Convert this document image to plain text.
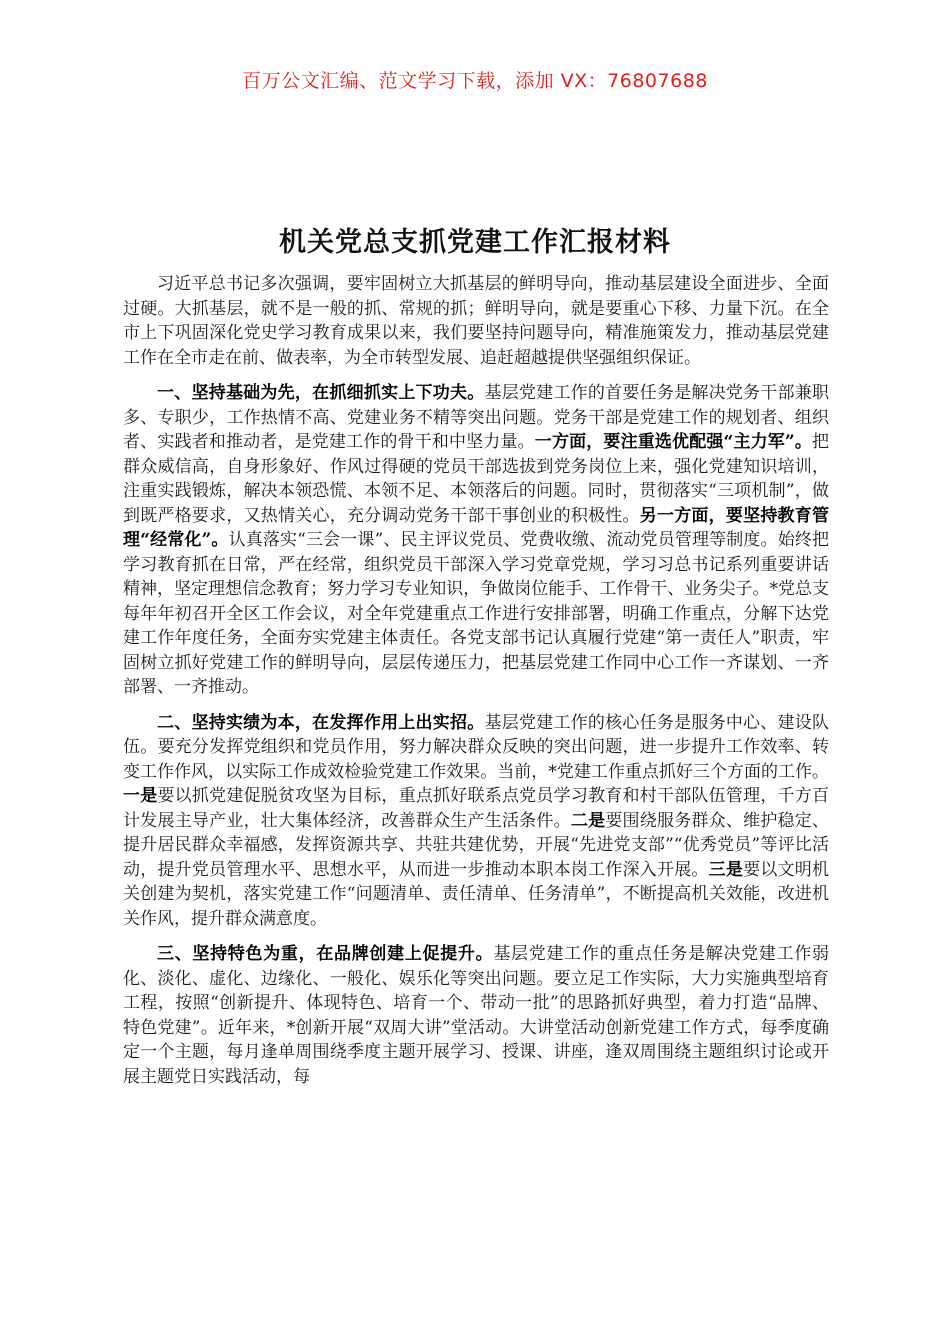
百万公文汇编、范文学习下载，添加 VX：76807688
机关党总支抓党建工作汇报材料

习近平总书记多次强调，要牢固树立大抓基层的鲜明导向，推动基层建设全面进步、全面过硬。大抓基层，就不是一般的抓、常规的抓；鲜明导向，就是要重心下移、力量下沉。在全市上下巩固深化党史学习教育成果以来，我们要坚持问题导向，精准施策发力，推动基层党建工作在全市走在前、做表率，为全市转型发展、追赶超越提供坚强组织保证。

一、坚持基础为先，在抓细抓实上下功夫。基层党建工作的首要任务是解决党务干部兼职多、专职少，工作热情不高、党建业务不精等突出问题。党务干部是党建工作的规划者、组织者、实践者和推动者，是党建工作的骨干和中坚力量。一方面，要注重选优配强“主力军”。把群众威信高，自身形象好、作风过得硬的党员干部选拔到党务岗位上来，强化党建知识培训，注重实践锻炼，解决本领恐慌、本领不足、本领落后的问题。同时，贯彻落实“三项机制”，做到既严格要求，又热情关心，充分调动党务干部干事创业的积极性。另一方面，要坚持教育管理“经常化”。认真落实“三会一课”、民主评议党员、党费收缴、流动党员管理等制度。始终把学习教育抓在日常，严在经常，组织党员干部深入学习党章党规，学习习总书记系列重要讲话精神，坚定理想信念教育；努力学习专业知识，争做岗位能手、工作骨干、业务尖子。*党总支每年年初召开全区工作会议，对全年党建重点工作进行安排部署，明确工作重点，分解下达党建工作年度任务，全面夯实党建主体责任。各党支部书记认真履行党建“第一责任人”职责，牢固树立抓好党建工作的鲜明导向，层层传递压力，把基层党建工作同中心工作一齐谋划、一齐部署、一齐推动。

二、坚持实绩为本，在发挥作用上出实招。基层党建工作的核心任务是服务中心、建设队伍。要充分发挥党组织和党员作用，努力解决群众反映的突出问题，进一步提升工作效率、转变工作作风，以实际工作成效检验党建工作效果。当前，*党建工作重点抓好三个方面的工作。一是要以抓党建促脱贫攻坚为目标，重点抓好联系点党员学习教育和村干部队伍管理，千方百计发展主导产业，壮大集体经济，改善群众生产生活条件。二是要围绕服务群众、维护稳定、提升居民群众幸福感，发挥资源共享、共驻共建优势，开展“先进党支部”“优秀党员”等评比活动，提升党员管理水平、思想水平，从而进一步推动本职本岗工作深入开展。三是要以文明机关创建为契机，落实党建工作“问题清单、责任清单、任务清单”，不断提高机关效能，改进机关作风，提升群众满意度。

三、坚持特色为重，在品牌创建上促提升。基层党建工作的重点任务是解决党建工作弱化、淡化、虚化、边缘化、一般化、娱乐化等突出问题。要立足工作实际，大力实施典型培育工程，按照“创新提升、体现特色、培育一个、带动一批”的思路抓好典型，着力打造“品牌、特色党建”。近年来，*创新开展“双周大讲”堂活动。大讲堂活动创新党建工作方式，每季度确定一个主题，每月逢单周围绕季度主题开展学习、授课、讲座，逢双周围绕主题组织讨论或开展主题党日实践活动，每
